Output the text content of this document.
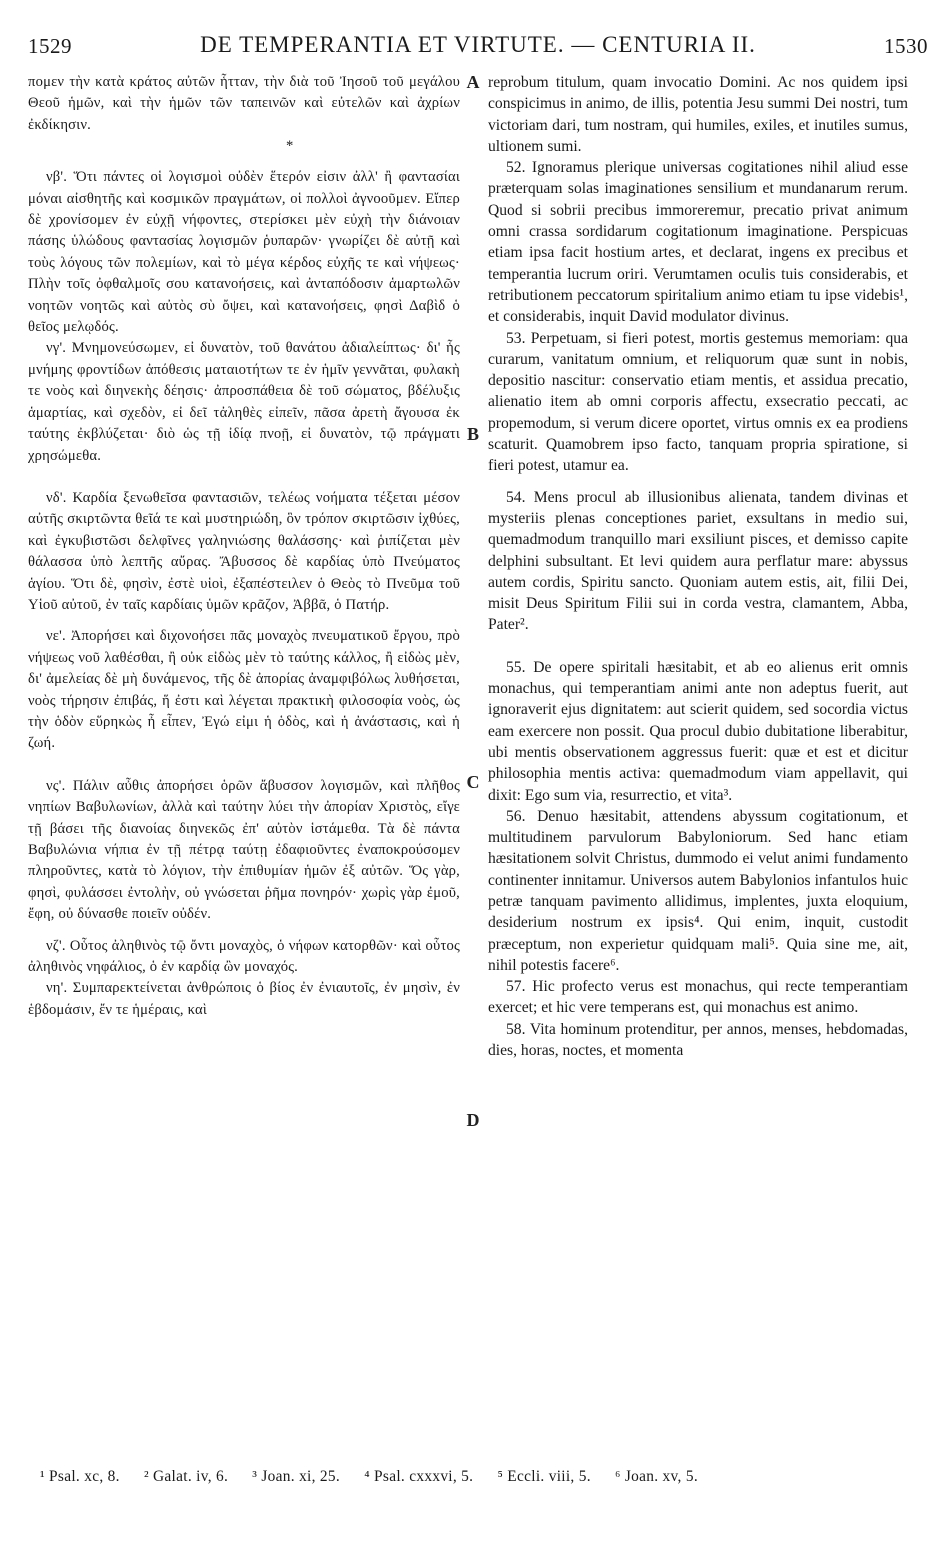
1529	DE TEMPERANTIA ET VIRTUTE. — CENTURIA II.	1530

πομεν τὴν κατὰ κράτος αὐτῶν ἧτταν, τὴν διὰ τοῦ Ἰησοῦ τοῦ μεγάλου Θεοῦ ἡμῶν, καὶ τὴν ἡμῶν τῶν ταπεινῶν καὶ εὐτελῶν καὶ ἀχρίων ἐκδίκησιν.

*

νβ'. Ὅτι πάντες οἱ λογισμοὶ οὐδὲν ἕτερόν εἰσιν ἀλλ' ἢ φαντασίαι μόναι αἰσθητῆς καὶ κοσμικῶν πραγμάτων, οἱ πολλοὶ ἀγνοοῦμεν. Εἴπερ δὲ χρονίσομεν ἐν εὐχῇ νήφοντες, στερίσκει μὲν εὐχὴ τὴν διάνοιαν πάσης ὑλώδους φαντασίας λογισμῶν ῥυπαρῶν· γνωρίζει δὲ αὐτῇ καὶ τοὺς λόγους τῶν πολεμίων, καὶ τὸ μέγα κέρδος εὐχῆς τε καὶ νήψεως· Πλὴν τοῖς ὀφθαλμοῖς σου κατανοήσεις, καὶ ἀνταπόδοσιν ἁμαρτωλῶν νοητῶν νοητῶς καὶ αὐτὸς σὺ ὄψει, καὶ κατανοήσεις, φησὶ Δαβὶδ ὁ θεῖος μελῳδός.

νγ'. Μνημονεύσωμεν, εἰ δυνατὸν, τοῦ θανάτου ἀδιαλείπτως· δι' ἧς μνήμης φροντίδων ἀπόθεσις ματαιοτήτων τε ἐν ἡμῖν γεννᾶται, φυλακὴ τε νοὸς καὶ διηνεκὴς δέησις· ἀπροσπάθεια δὲ τοῦ σώματος, βδέλυξις ἁμαρτίας, καὶ σχεδὸν, εἰ δεῖ τἀληθὲς εἰπεῖν, πᾶσα ἀρετὴ ἄγουσα ἐκ ταύτης ἐκβλύζεται· διὸ ὡς τῇ ἰδίᾳ πνοῇ, εἰ δυνατὸν, τῷ πράγματι χρησώμεθα.

νδ'. Καρδία ξενωθεῖσα φαντασιῶν, τελέως νοήματα τέξεται μέσον αὐτῆς σκιρτῶντα θεῖά τε καὶ μυστηριώδη, ὃν τρόπον σκιρτῶσιν ἰχθύες, καὶ ἐγκυβιστῶσι δελφῖνες γαληνιώσης θαλάσσης· καὶ ῥιπίζεται μὲν θάλασσα ὑπὸ λεπτῆς αὔρας. Ἄβυσσος δὲ καρδίας ὑπὸ Πνεύματος ἁγίου. Ὅτι δὲ, φησὶν, ἐστὲ υἱοὶ, ἐξαπέστειλεν ὁ Θεὸς τὸ Πνεῦμα τοῦ Υἱοῦ αὐτοῦ, ἐν ταῖς καρδίαις ὑμῶν κρᾶζον, Ἀββᾶ, ὁ Πατήρ.

νε'. Ἀπορήσει καὶ διχονοήσει πᾶς μοναχὸς πνευματικοῦ ἔργου, πρὸ νήψεως νοῦ λαθέσθαι, ἢ οὐκ εἰδὼς μὲν τὸ ταύτης κάλλος, ἢ εἰδὼς μὲν, δι' ἀμελείας δὲ μὴ δυνάμενος, τῆς δὲ ἀπορίας ἀναμφιβόλως λυθήσεται, νοὸς τήρησιν ἐπιβάς, ἥ ἐστι καὶ λέγεται πρακτικὴ φιλοσοφία νοὸς, ὡς τὴν ὁδὸν εὕρηκὼς ἦ εἶπεν, Ἐγώ εἰμι ἡ ὁδὸς, καὶ ἡ ἀνάστασις, καὶ ἡ ζωή.

νς'. Πάλιν αὖθις ἀπορήσει ὁρῶν ἄβυσσον λογισμῶν, καὶ πλῆθος νηπίων Βαβυλωνίων, ἀλλὰ καὶ ταύτην λύει τὴν ἀπορίαν Χριστὸς, εἴγε τῇ βάσει τῆς διανοίας διηνεκῶς ἐπ' αὐτὸν ἱστάμεθα. Τὰ δὲ πάντα Βαβυλώνια νήπια ἐν τῇ πέτρᾳ ταύτῃ ἐδαφιοῦντες ἐναποκρούσομεν πληροῦντες, κατὰ τὸ λόγιον, τὴν ἐπιθυμίαν ἡμῶν ἐξ αὐτῶν. Ὅς γὰρ, φησὶ, φυλάσσει ἐντολὴν, οὐ γνώσεται ῥῆμα πονηρόν· χωρὶς γὰρ ἐμοῦ, ἔφη, οὐ δύνασθε ποιεῖν οὐδέν.

νζ'. Οὗτος ἀληθινὸς τῷ ὄντι μοναχὸς, ὁ νήφων κατορθῶν· καὶ οὗτος ἀληθινὸς νηφάλιος, ὁ ἐν καρδίᾳ ὢν μοναχός.

νη'. Συμπαρεκτείνεται ἀνθρώποις ὁ βίος ἐν ἐνιαυτοῖς, ἐν μησὶν, ἐν ἑβδομάσιν, ἔν τε ἡμέραις, καὶ

A
B
C
D

reprobum titulum, quam invocatio Domini. Ac nos quidem ipsi conspicimus in animo, de illis, potentia Jesu summi Dei nostri, tum victoriam dari, tum nostram, qui humiles, exiles, et inutiles sumus, ultionem sumi.

52. Ignoramus plerique universas cogitationes nihil aliud esse præterquam solas imaginationes sensilium et mundanarum rerum. Quod si sobrii precibus immoreremur, precatio privat animum omni crassa sordidarum cogitationum imaginatione. Perspicuas etiam ipsa facit hostium artes, et declarat, ingens ex precibus et temperantia lucrum oriri. Verumtamen oculis tuis considerabis, et retributionem peccatorum spiritalium animo etiam tu ipse videbis¹, et considerabis, inquit David modulator divinus.

53. Perpetuam, si fieri potest, mortis gestemus memoriam: qua curarum, vanitatum omnium, et reliquorum quæ sunt in nobis, depositio nascitur: conservatio etiam mentis, et assidua precatio, alienatio item ab omni corporis affectu, exsecratio peccati, ac propemodum, si verum dicere oportet, virtus omnis ex ea prodiens scaturit. Quamobrem ipso facto, tanquam propria spiratione, si fieri potest, utamur ea.

54. Mens procul ab illusionibus alienata, tandem divinas et mysteriis plenas conceptiones pariet, exsultans in medio sui, quemadmodum tranquillo mari exsiliunt pisces, et demisso capite delphini subsultant. Et levi quidem aura perflatur mare: abyssus autem cordis, Spiritu sancto. Quoniam autem estis, ait, filii Dei, misit Deus Spiritum Filii sui in corda vestra, clamantem, Abba, Pater².

55. De opere spiritali hæsitabit, et ab eo alienus erit omnis monachus, qui temperantiam animi ante non adeptus fuerit, aut ignoraverit ejus dignitatem: aut scierit quidem, sed socordia victus eam exercere non possit. Qua procul dubio dubitatione liberabitur, ubi mentis observationem aggressus fuerit: quæ et est et dicitur philosophia mentis activa: quemadmodum viam appellavit, qui dixit: Ego sum via, resurrectio, et vita³.

56. Denuo hæsitabit, attendens abyssum cogitationum, et multitudinem parvulorum Babyloniorum. Sed hanc etiam hæsitationem solvit Christus, dummodo ei velut animi fundamento continenter innitamur. Universos autem Babylonios infantulos huic petræ tanquam pavimento allidimus, implentes, juxta eloquium, desiderium nostrum ex ipsis⁴. Qui enim, inquit, custodit præceptum, non experietur quidquam mali⁵. Quia sine me, ait, nihil potestis facere⁶.

57. Hic profecto verus est monachus, qui recte temperantiam exercet; et hic vere temperans est, qui monachus est animo.

58. Vita hominum protenditur, per annos, menses, hebdomadas, dies, horas, noctes, et momenta

¹ Psal. xc, 8. ² Galat. iv, 6. ³ Joan. xi, 25. ⁴ Psal. cxxxvi, 5. ⁵ Eccli. viii, 5. ⁶ Joan. xv, 5.
